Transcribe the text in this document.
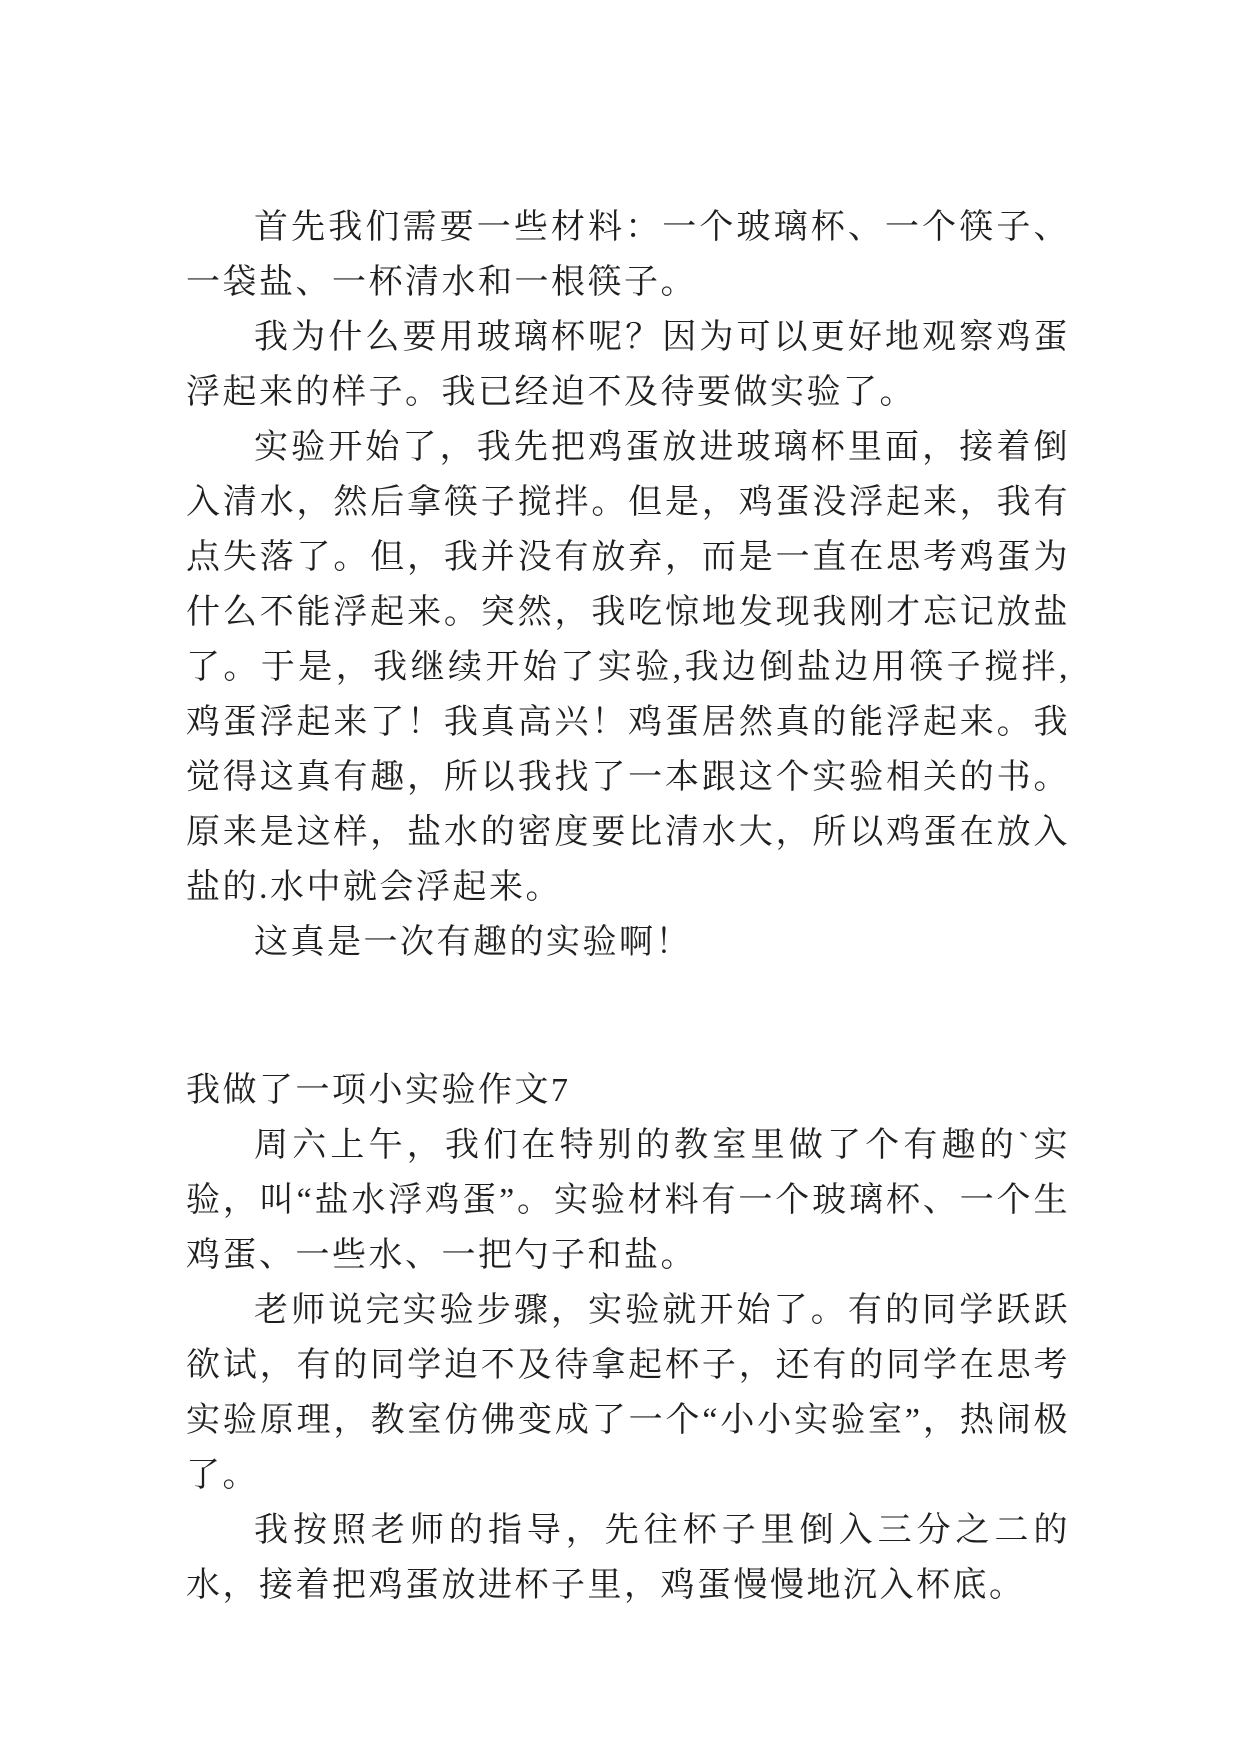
首先我们需要一些材料：一个玻璃杯、一个筷子、一袋盐、一杯清水和一根筷子。

我为什么要用玻璃杯呢？因为可以更好地观察鸡蛋浮起来的样子。我已经迫不及待要做实验了。

实验开始了，我先把鸡蛋放进玻璃杯里面，接着倒入清水，然后拿筷子搅拌。但是，鸡蛋没浮起来，我有点失落了。但，我并没有放弃，而是一直在思考鸡蛋为什么不能浮起来。突然，我吃惊地发现我刚才忘记放盐了。于是，我继续开始了实验,我边倒盐边用筷子搅拌,鸡蛋浮起来了！我真高兴！鸡蛋居然真的能浮起来。我觉得这真有趣，所以我找了一本跟这个实验相关的书。原来是这样，盐水的密度要比清水大，所以鸡蛋在放入盐的.水中就会浮起来。

这真是一次有趣的实验啊！

我做了一项小实验作文7

周六上午，我们在特别的教室里做了个有趣的`实验，叫“盐水浮鸡蛋”。实验材料有一个玻璃杯、一个生鸡蛋、一些水、一把勺子和盐。

老师说完实验步骤，实验就开始了。有的同学跃跃欲试，有的同学迫不及待拿起杯子，还有的同学在思考实验原理，教室仿佛变成了一个“小小实验室”，热闹极了。

我按照老师的指导，先往杯子里倒入三分之二的水，接着把鸡蛋放进杯子里，鸡蛋慢慢地沉入杯底。
